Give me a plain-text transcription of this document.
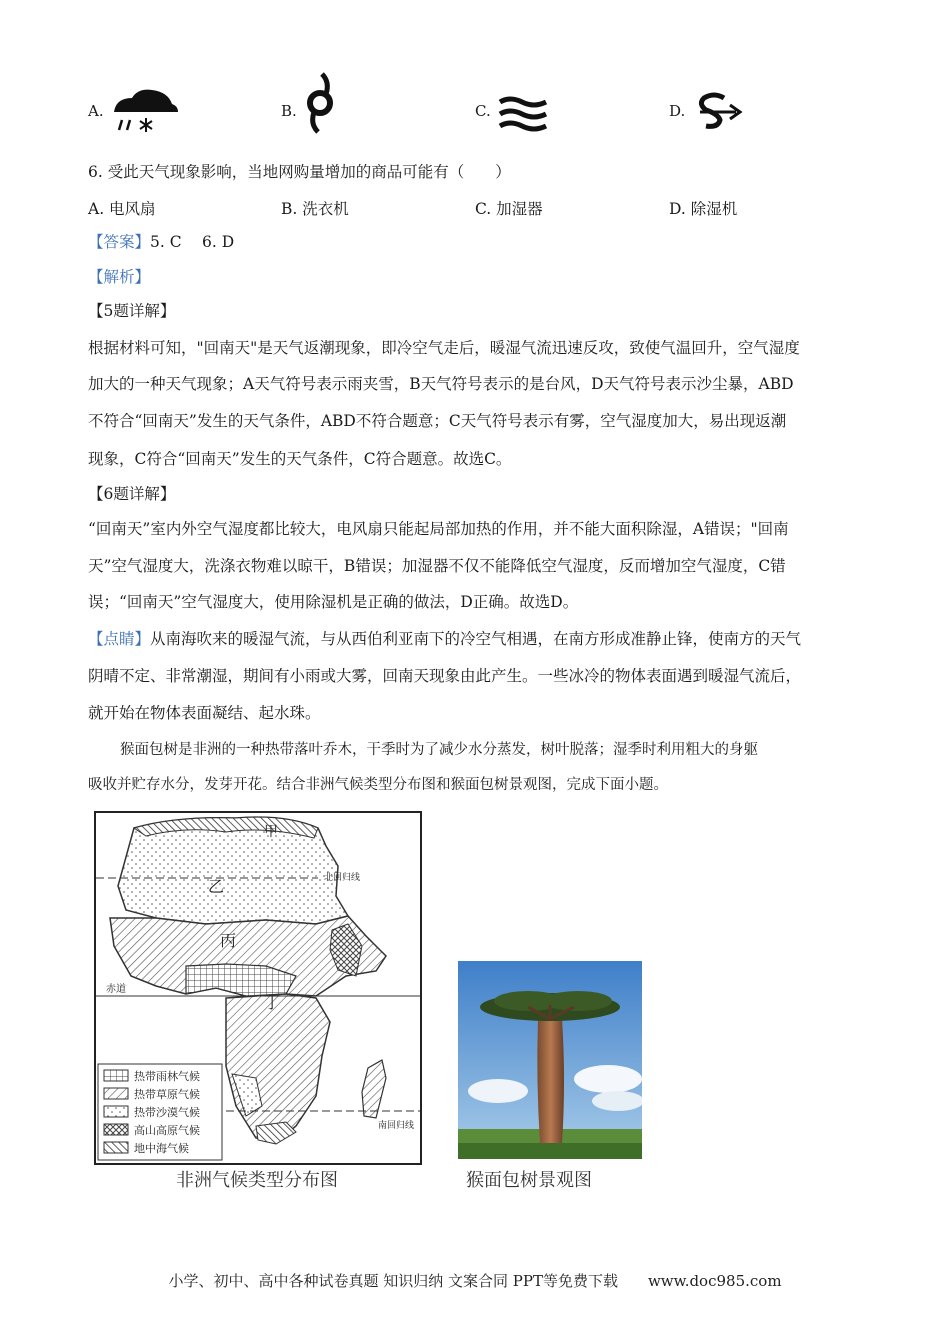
A.	B.	C.	D.
6. 受此天气现象影响，当地网购量增加的商品可能有（　　）
A. 电风扇	B. 洗衣机	C. 加湿器	D. 除湿机
【答案】5. C　 6. D
【解析】
【5题详解】
根据材料可知，"回南天"是天气返潮现象，即冷空气走后，暖湿气流迅速反攻，致使气温回升，空气湿度
加大的一种天气现象；A天气符号表示雨夹雪，B天气符号表示的是台风，D天气符号表示沙尘暴，ABD
不符合“回南天”发生的天气条件，ABD不符合题意；C天气符号表示有雾，空气湿度加大，易出现返潮
现象，C符合“回南天”发生的天气条件，C符合题意。故选C。
【6题详解】
“回南天”室内外空气湿度都比较大，电风扇只能起局部加热的作用，并不能大面积除湿，A错误；"回南
天”空气湿度大，洗涤衣物难以晾干，B错误；加湿器不仅不能降低空气湿度，反而增加空气湿度，C错
误；“回南天”空气湿度大，使用除湿机是正确的做法，D正确。故选D。
【点睛】从南海吹来的暖湿气流，与从西伯利亚南下的冷空气相遇，在南方形成准静止锋，使南方的天气
阴晴不定、非常潮湿，期间有小雨或大雾，回南天现象由此产生。一些冰冷的物体表面遇到暖湿气流后，
就开始在物体表面凝结、起水珠。
猴面包树是非洲的一种热带落叶乔木，干季时为了减少水分蒸发，树叶脱落；湿季时利用粗大的身躯
吸收并贮存水分，发芽开花。结合非洲气候类型分布图和猴面包树景观图，完成下面小题。
甲
乙
丙
丁
北回归线
赤道
南回归线
热带雨林气候
热带草原气候
热带沙漠气候
高山高原气候
地中海气候
非洲气候类型分布图	猴面包树景观图
小学、初中、高中各种试卷真题 知识归纳 文案合同 PPT等免费下载　　www.doc985.com
